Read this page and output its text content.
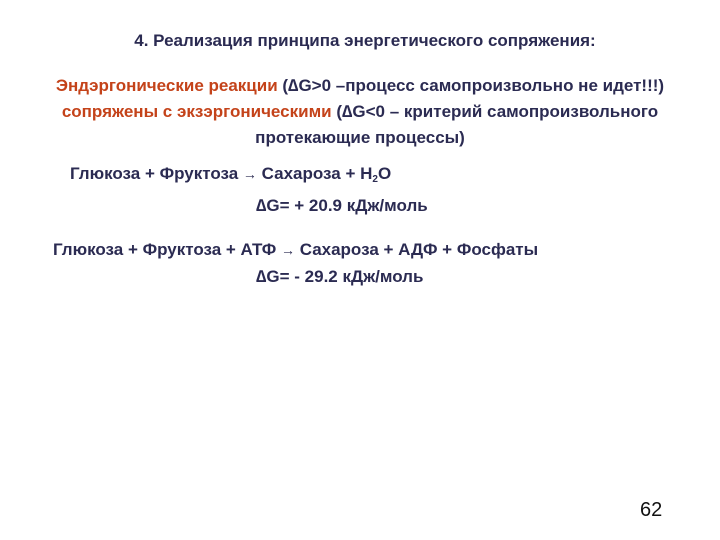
4. Реализация принципа энергетического сопряжения:
Эндэргонические реакции (∆G>0 –процесс самопроизвольно не идет!!!) сопряжены с экзэргоническими (∆G<0 – критерий самопроизвольного протекающие процессы)
Глюкоза + Фруктоза → Сахароза + $H_2O$
∆G= + 20.9 кДж/моль
Глюкоза + Фруктоза + АТФ → Сахароза + АДФ + Фосфаты
∆G= - 29.2 кДж/моль
62
